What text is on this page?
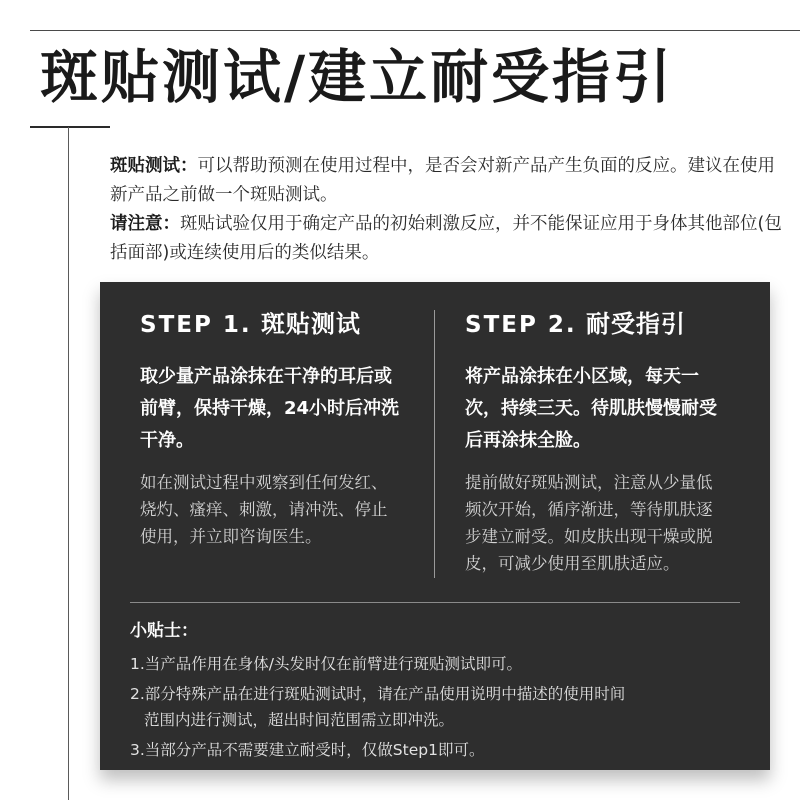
斑贴测试/建立耐受指引

斑贴测试：可以帮助预测在使用过程中，是否会对新产品产生负面的反应。建议在使用新产品之前做一个斑贴测试。

请注意：斑贴试验仅用于确定产品的初始刺激反应，并不能保证应用于身体其他部位(包括面部)或连续使用后的类似结果。

STEP 1. 斑贴测试

取少量产品涂抹在干净的耳后或前臂，保持干燥，24小时后冲洗干净。

如在测试过程中观察到任何发红、烧灼、瘙痒、刺激，请冲洗、停止使用，并立即咨询医生。

STEP 2. 耐受指引

将产品涂抹在小区域，每天一次，持续三天。待肌肤慢慢耐受后再涂抹全脸。

提前做好斑贴测试，注意从少量低频次开始，循序渐进，等待肌肤逐步建立耐受。如皮肤出现干燥或脱皮，可减少使用至肌肤适应。

小贴士：

1.当产品作用在身体/头发时仅在前臂进行斑贴测试即可。

2.部分特殊产品在进行斑贴测试时，请在产品使用说明中描述的使用时间

范围内进行测试，超出时间范围需立即冲洗。

3.当部分产品不需要建立耐受时，仅做Step1即可。
